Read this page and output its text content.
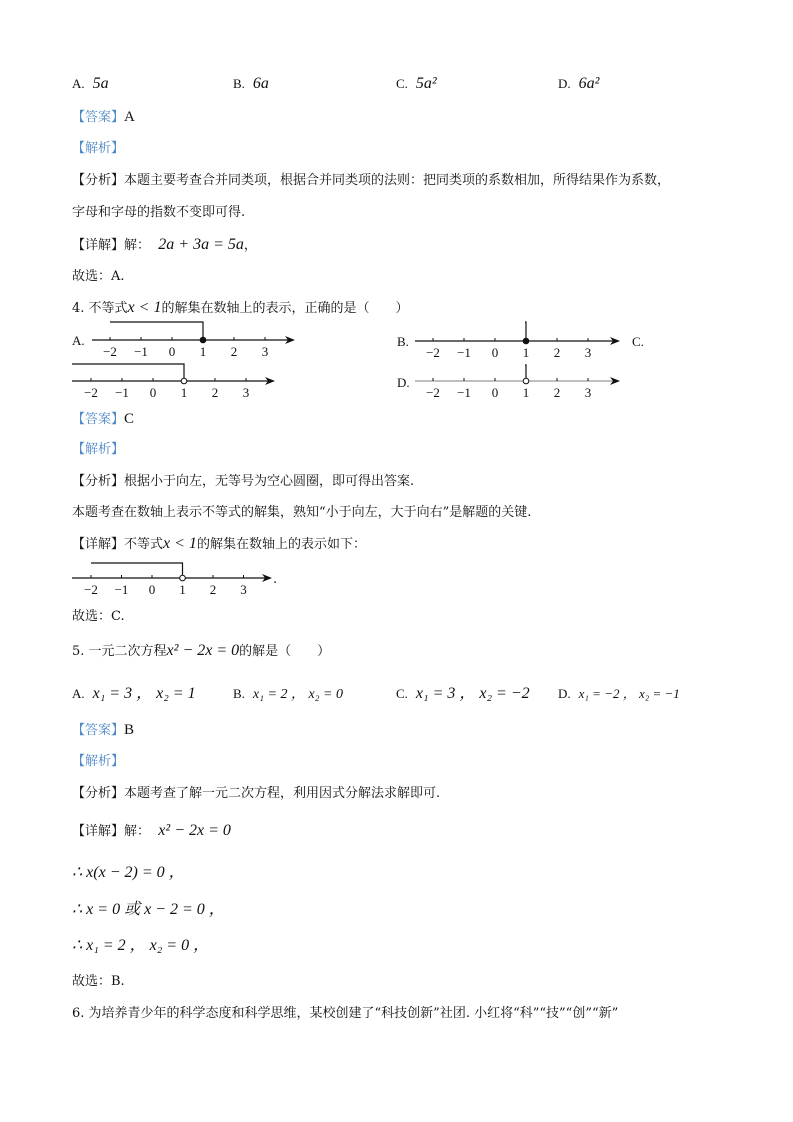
A. 5a	B. 6a	C. 5a²	D. 6a²
【答案】A
【解析】
【分析】本题主要考查合并同类项，根据合并同类项的法则：把同类项的系数相加，所得结果作为系数，
字母和字母的指数不变即可得.
【详解】解： 2a + 3a = 5a，
故选：A.
4. 不等式x < 1的解集在数轴上的表示，正确的是（　　）
A.	B.	C.
D.
【答案】C
【解析】
【分析】根据小于向左，无等号为空心圆圈，即可得出答案.
本题考查在数轴上表示不等式的解集，熟知“小于向左，大于向右”是解题的关键.
【详解】不等式x < 1的解集在数轴上的表示如下：
.
故选：C.
−2 −1 0 1 2 3	−2 −1 0 1 2 3
−2 −1 0 1 2 3	−2 −1 0 1 2 3
−2 −1 0 1 2 3
5. 一元二次方程x² − 2x = 0的解是（　　）
A. x₁ = 3 ， x₂ = 1	B. x₁ = 2 ， x₂ = 0	C. x₁ = 3 ， x₂ = −2 D. x₁ = −2 ， x₂ = −1
【答案】B
【解析】
【分析】本题考查了解一元二次方程，利用因式分解法求解即可.
【详解】解： x² − 2x = 0
∴ x(x − 2) = 0 ，
∴ x = 0 或 x − 2 = 0 ，
∴ x₁ = 2 ， x₂ = 0 ，
故选：B.
6. 为培养青少年的科学态度和科学思维，某校创建了“科技创新”社团. 小红将“科”“技”“创”“新”
